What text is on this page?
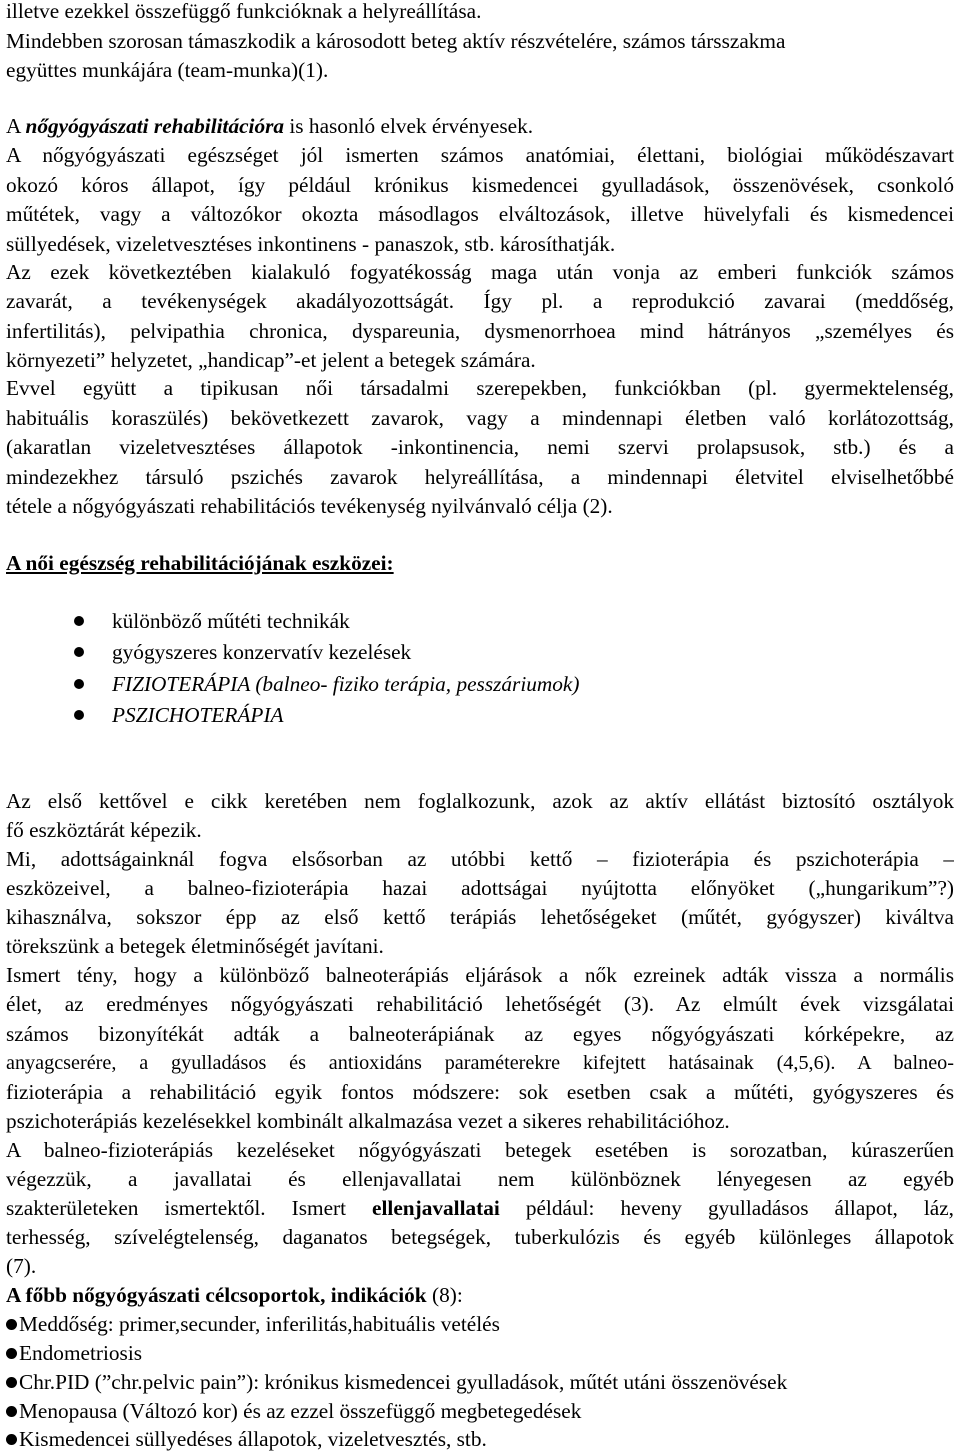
illetve ezekkel összefüggő funkcióknak a helyreállítása.
Mindebben szorosan támaszkodik a károsodott beteg aktív részvételére, számos társszakma
együttes munkájára (team-munka)(1).
A nőgyógyászati rehabilitációra is hasonló elvek érvényesek.
A nőgyógyászati egészséget jól ismerten számos anatómiai, élettani, biológiai működészavart
okozó kóros állapot, így például krónikus kismedencei gyulladások, összenövések, csonkoló
műtétek, vagy a változókor okozta másodlagos elváltozások, illetve hüvelyfali és kismedencei
süllyedések, vizeletvesztéses inkontinens - panaszok, stb. károsíthatják.
Az ezek következtében kialakuló fogyatékosság maga után vonja az emberi funkciók számos
zavarát, a tevékenységek akadályozottságát. Így pl. a reprodukció zavarai (meddőség,
infertilitás), pelvipathia chronica, dyspareunia, dysmenorrhoea mind hátrányos „személyes és
környezeti” helyzetet, „handicap”-et jelent a betegek számára.
Evvel együtt a tipikusan női társadalmi szerepekben, funkciókban (pl. gyermektelenség,
habituális koraszülés) bekövetkezett zavarok, vagy a mindennapi életben való korlátozottság,
(akaratlan vizeletvesztéses állapotok -inkontinencia, nemi szervi prolapsusok, stb.) és a
mindezekhez társuló pszichés zavarok helyreállítása, a mindennapi életvitel elviselhetőbbé
tétele a nőgyógyászati rehabilitációs tevékenység nyilvánvaló célja (2).
A női egészség rehabilitációjának eszközei:
különböző műtéti technikák
gyógyszeres konzervatív kezelések
FIZIOTERÁPIA (balneo- fiziko terápia, pesszáriumok)
PSZICHOTERÁPIA
Az első kettővel e cikk keretében nem foglalkozunk, azok az aktív ellátást biztosító osztályok
fő eszköztárát képezik.
Mi, adottságainknál fogva elsősorban az utóbbi kettő – fizioterápia és pszichoterápia –
eszközeivel, a balneo-fizioterápia hazai adottságai nyújtotta előnyöket („hungarikum”?)
kihasználva, sokszor épp az első kettő terápiás lehetőségeket (műtét, gyógyszer) kiváltva
törekszünk a betegek életminőségét javítani.
Ismert tény, hogy a különböző balneoterápiás eljárások a nők ezreinek adták vissza a normális
élet, az eredményes nőgyógyászati rehabilitáció lehetőségét (3). Az elmúlt évek vizsgálatai
számos bizonyítékát adták a balneoterápiának az egyes nőgyógyászati kórképekre, az
anyagcserére, a gyulladásos és antioxidáns paraméterekre kifejtett hatásainak (4,5,6). A balneo-
fizioterápia a rehabilitáció egyik fontos módszere: sok esetben csak a műtéti, gyógyszeres és
pszichoterápiás kezelésekkel kombinált alkalmazása vezet a sikeres rehabilitációhoz.
A balneo-fizioterápiás kezeléseket nőgyógyászati betegek esetében is sorozatban, kúraszerűen
végezzük, a javallatai és ellenjavallatai nem különböznek lényegesen az egyéb
szakterületeken ismertektől. Ismert ellenjavallatai például: heveny gyulladásos állapot, láz,
terhesség, szívelégtelenség, daganatos betegségek, tuberkulózis és egyéb különleges állapotok
(7).
A főbb nőgyógyászati célcsoportok, indikációk (8):
Meddőség: primer,secunder, inferilitás,habituális vetélés
Endometriosis
Chr.PID (”chr.pelvic pain”): krónikus kismedencei gyulladások, műtét utáni összenövések
Menopausa (Változó kor) és az ezzel összefüggő megbetegedések
Kismedencei süllyedéses állapotok, vizeletvesztés, stb.
